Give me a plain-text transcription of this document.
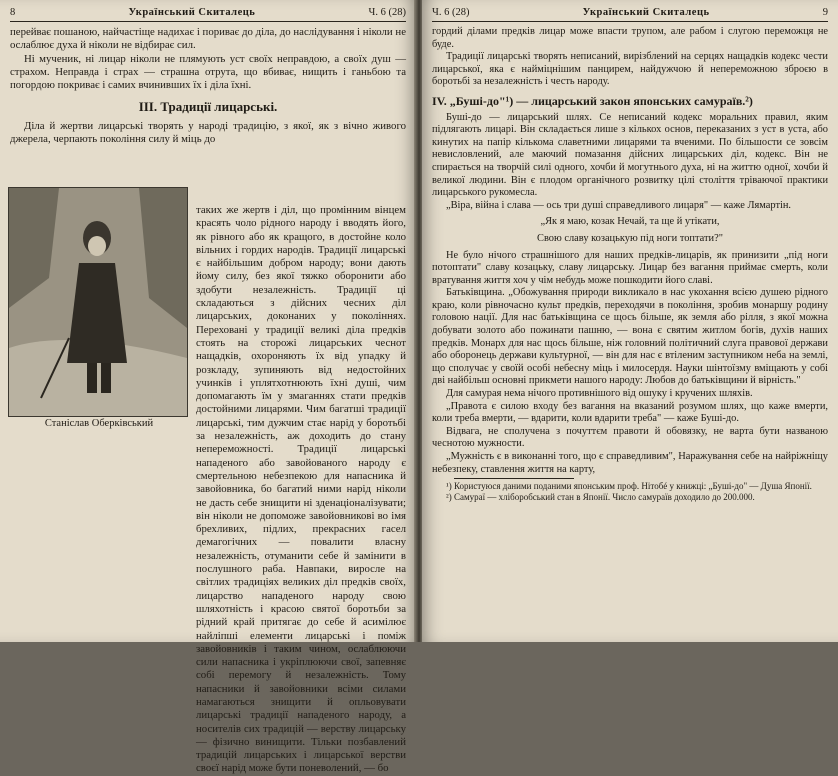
8	Український Скиталець	Ч. 6 (28)

перейває пошаною, найчастіще надихає і пориває до діла, до наслідування і ніколи не ослаблює духа й ніколи не відбирає сил.

Ні мученик, ні лицар ніколи не плямують уст своїх неправдою, а своїх душ — страхом. Неправда і страх — страшна отрута, що вбиває, нищить і ганьбою та погордою покриває і самих вчинивших їх і діла їхні.

III. Традиції лицарські.

Діла й жертви лицарські творять у народі традицію, з якої, як з вічно живого джерела, черпають покоління силу й міць до

Станіслав Оберківський

таких же жертв і діл, що промінним вінцем красять чоло рідного народу і вводять його, як рівного або як кращого, в достойне коло вільних і гордих народів. Традиції лицарські є найбільшим добром народу; вони дають йому силу, без якої тяжко оборонити або здобути незалежність. Традиції ці складаються з дійсних чесних діл лицарських, доконаних у поколіннях. Переховані у традиції великі діла предків стоять на сторожі лицарських чеснот нащадків, охороняють їх від упадку й розкладу, зупиняють від недостойних учинків і уплятхотнюють їхні душі, чим допомагають їм у змаганнях стати предків достойними лицарями. Чим багатші традиції лицарські, тим дужчим стає нарід у боротьбі за незалежність, аж доходить до стану непереможності. Традиції лицарські нападеного або завойованого народу є смертельною небезпекою для напасника й завойовника, бо багатий ними нарід ніколи не дасть себе знищити ні зденаціоналізувати; він ніколи не допоможе завойовникові во імя брехливих, підлих, прекрасних гасел демагогічних — повалити власну незалежність, отуманити себе й замінити в послушного раба. Навпаки, виросле на світлих традиціях великих діл предків своїх, лицарство нападеного народу свою шляхотність і красою святої боротьби за рідний край притягає до себе й асимілює найліпші елементи лицарські і поміж завойовників і таким чином, ослаблюючи сили напасника і укріплюючи свої, запевняє собі перемогу й незалежність. Тому напасники й завойовники всіми силами намагаються знищити й опльовувати лицарські традиції нападеного народу, а носителів сих традицій — верству лицарську — фізично винищити. Тільки позбавлений традицій лицарських і лицарської верстви своєї нарід може бути поневолений, — бо

Ч. 6 (28)	Український Скиталець	9

гордий ділами предків лицар може впасти трупом, але рабом і слугою переможця не буде.

Традиції лицарські творять неписаний, вирізблений на серцях нащадків кодекс чести лицарської, яка є найміцнішим панцирем, найдужчою й непереможною зброєю в боротьбі за незалежність і честь народу.

IV. „Буші-до"¹) — лицарський закон японських самураїв.²)

Буші-до — лицарський шлях. Се неписаний кодекс моральних правил, яким підлягають лицарі. Він складається лише з кількох основ, переказаних з уст в уста, або кинутих на папір кількома славетними лицарями та вченими. По більшости се зовсім невисловлений, але маючий помазання дійсних лицарських діл, кодекс. Він не спирається на творчій силі одного, хочби й могутнього духа, ні на життю одної, хочби й великої людини. Він є плодом органічного розвитку цілі століття тріваючої практики лицарського рукомесла.

„Віра, війна і слава — ось три душі справедливого лицаря" — каже Лямартін.

„Як я маю, козак Нечай, та ще й утікати,

Свою славу козацькую під ноги топтати?"

Не було нічого страшнішого для наших предків-лицарів, як принизити „під ноги потоптати" славу козацьку, славу лицарську. Лицар без вагання приймає смерть, коли вратування життя хоч у чім небудь може пошкодити його славі.

Батьківщина. „Обожування природи викликало в нас укохання всією душею рідного краю, коли рівночасно культ предків, переходячи в покоління, зробив монаршу родину головою нації. Для нас батьківщина се щось більше, як земля або рілля, з якої можна добувати золото або пожинати пашню, — вона є святим житлом богів, духів наших предків. Монарх для нас щось більше, ніж головний політичний слуга правової держави або оборонець держави культурної, — він для нас є втіленим заступником неба на землі, що сполучає у своїй особі небесну міць і милосердя. Науки шінтоїзму вміщають у собі дві найбільш основні прикмети нашого народу: Любов до батьківщини й вірність."

Для самурая нема нічого противнішого від ошуку і кручених шляхів.

„Правота є силою входу без вагання на вказаний розумом шлях, що каже вмерти, коли треба вмерти, — вдарити, коли вдарити треба" — каже Буші-до.

Відвага, не сполучена з почуттєм правоти й обовязку, не варта бути названою чеснотою мужности.

„Мужність є в виконанні того, що є справедливим", Наражування себе на найріжніщу небезпеку, ставлення життя на карту,

¹) Користуюся даними поданими японським проф. Нітобé у книжці: „Буші-до" — Душа Японії.

²) Самураї — хліборобський стан в Японії. Число самураїв доходило до 200.000.
